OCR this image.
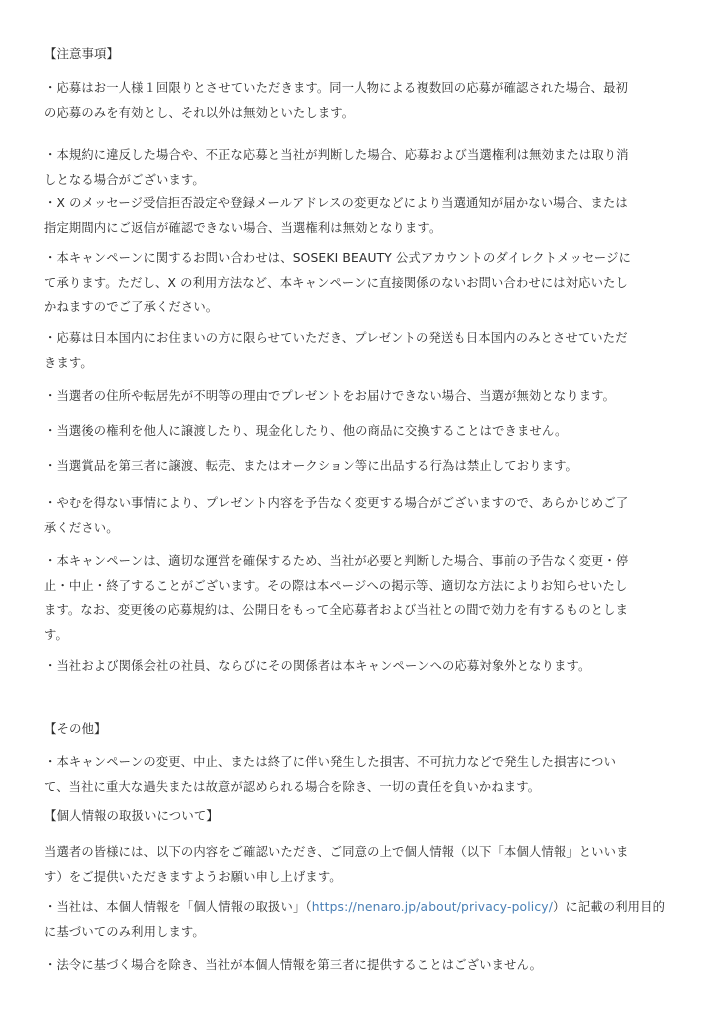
【注意事項】
・応募はお一人様１回限りとさせていただきます。同一人物による複数回の応募が確認された場合、最初
の応募のみを有効とし、それ以外は無効といたします。
・本規約に違反した場合や、不正な応募と当社が判断した場合、応募および当選権利は無効または取り消
しとなる場合がございます。
・X のメッセージ受信拒否設定や登録メールアドレスの変更などにより当選通知が届かない場合、または
指定期間内にご返信が確認できない場合、当選権利は無効となります。
・本キャンペーンに関するお問い合わせは、SOSEKI BEAUTY 公式アカウントのダイレクトメッセージに
て承ります。ただし、X の利用方法など、本キャンペーンに直接関係のないお問い合わせには対応いたし
かねますのでご了承ください。
・応募は日本国内にお住まいの方に限らせていただき、プレゼントの発送も日本国内のみとさせていただ
きます。
・当選者の住所や転居先が不明等の理由でプレゼントをお届けできない場合、当選が無効となります。
・当選後の権利を他人に譲渡したり、現金化したり、他の商品に交換することはできません。
・当選賞品を第三者に譲渡、転売、またはオークション等に出品する行為は禁止しております。
・やむを得ない事情により、プレゼント内容を予告なく変更する場合がございますので、あらかじめご了
承ください。
・本キャンペーンは、適切な運営を確保するため、当社が必要と判断した場合、事前の予告なく変更・停
止・中止・終了することがございます。その際は本ページへの掲示等、適切な方法によりお知らせいたし
ます。なお、変更後の応募規約は、公開日をもって全応募者および当社との間で効力を有するものとしま
す。
・当社および関係会社の社員、ならびにその関係者は本キャンペーンへの応募対象外となります。
【その他】
・本キャンペーンの変更、中止、または終了に伴い発生した損害、不可抗力などで発生した損害につい
て、当社に重大な過失または故意が認められる場合を除き、一切の責任を負いかねます。
【個人情報の取扱いについて】
当選者の皆様には、以下の内容をご確認いただき、ご同意の上で個人情報（以下「本個人情報」といいま
す）をご提供いただきますようお願い申し上げます。
・当社は、本個人情報を「個人情報の取扱い」（https://nenaro.jp/about/privacy-policy/）に記載の利用目的
に基づいてのみ利用します。
・法令に基づく場合を除き、当社が本個人情報を第三者に提供することはございません。
